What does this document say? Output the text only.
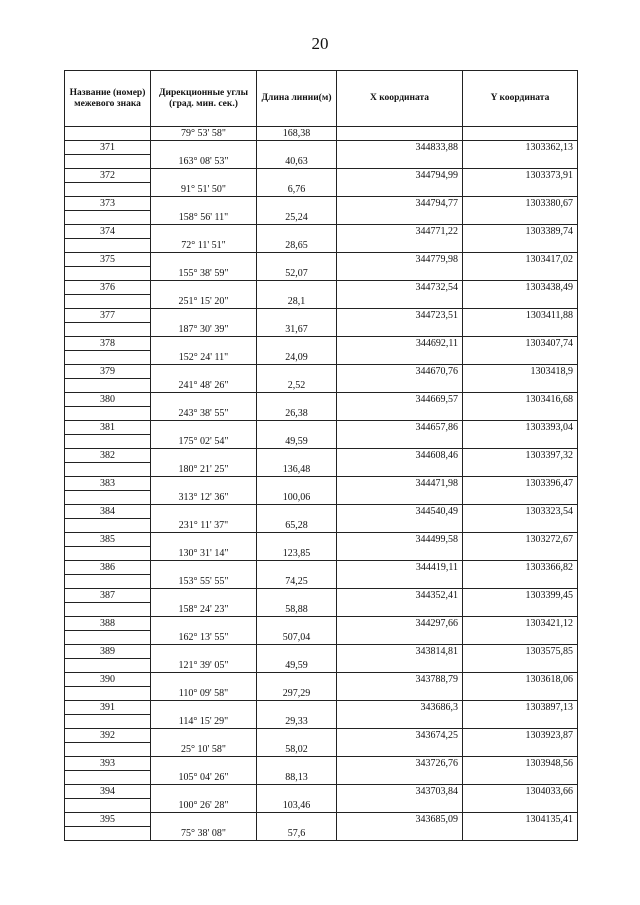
20
Название (номер) межевого знака	Дирекционные углы (град. мин. сек.)	Длина линии(м)	X координата	Y координата
	79° 53' 58"	168,38		
371			344833,88	1303362,13
	163° 08' 53"	40,63		
372			344794,99	1303373,91
	91° 51' 50"	6,76		
373			344794,77	1303380,67
	158° 56' 11"	25,24		
374			344771,22	1303389,74
	72° 11' 51"	28,65		
375			344779,98	1303417,02
	155° 38' 59"	52,07		
376			344732,54	1303438,49
	251° 15' 20"	28,1		
377			344723,51	1303411,88
	187° 30' 39"	31,67		
378			344692,11	1303407,74
	152° 24' 11"	24,09		
379			344670,76	1303418,9
	241° 48' 26"	2,52		
380			344669,57	1303416,68
	243° 38' 55"	26,38		
381			344657,86	1303393,04
	175° 02' 54"	49,59		
382			344608,46	1303397,32
	180° 21' 25"	136,48		
383			344471,98	1303396,47
	313° 12' 36"	100,06		
384			344540,49	1303323,54
	231° 11' 37"	65,28		
385			344499,58	1303272,67
	130° 31' 14"	123,85		
386			344419,11	1303366,82
	153° 55' 55"	74,25		
387			344352,41	1303399,45
	158° 24' 23"	58,88		
388			344297,66	1303421,12
	162° 13' 55"	507,04		
389			343814,81	1303575,85
	121° 39' 05"	49,59		
390			343788,79	1303618,06
	110° 09' 58"	297,29		
391			343686,3	1303897,13
	114° 15' 29"	29,33		
392			343674,25	1303923,87
	25° 10' 58"	58,02		
393			343726,76	1303948,56
	105° 04' 26"	88,13		
394			343703,84	1304033,66
	100° 26' 28"	103,46		
395			343685,09	1304135,41
	75° 38' 08"	57,6		
